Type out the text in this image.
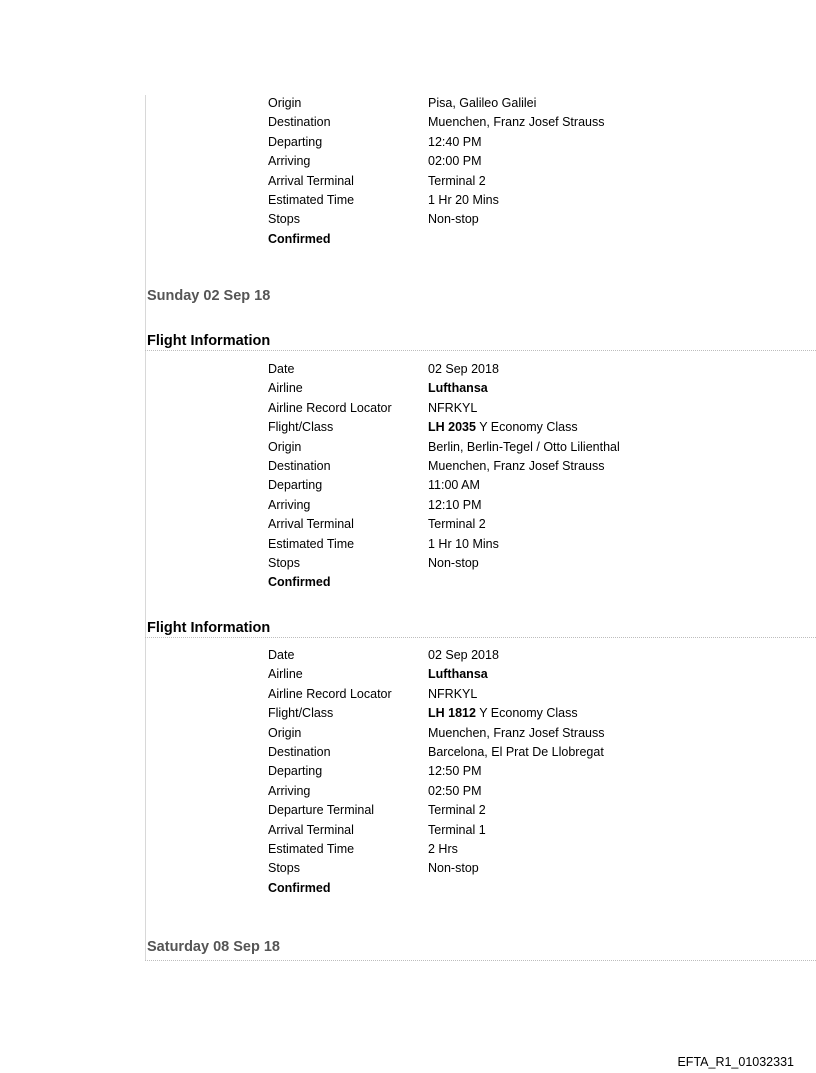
Origin	Pisa, Galileo Galilei
Destination	Muenchen, Franz Josef Strauss
Departing	12:40 PM
Arriving	02:00 PM
Arrival Terminal	Terminal 2
Estimated Time	1 Hr 20 Mins
Stops	Non-stop
Confirmed
Sunday 02 Sep 18
Flight Information
Date	02 Sep 2018
Airline	Lufthansa
Airline Record Locator	NFRKYL
Flight/Class	LH 2035 Y Economy Class
Origin	Berlin, Berlin-Tegel / Otto Lilienthal
Destination	Muenchen, Franz Josef Strauss
Departing	11:00 AM
Arriving	12:10 PM
Arrival Terminal	Terminal 2
Estimated Time	1 Hr 10 Mins
Stops	Non-stop
Confirmed
Flight Information
Date	02 Sep 2018
Airline	Lufthansa
Airline Record Locator	NFRKYL
Flight/Class	LH 1812 Y Economy Class
Origin	Muenchen, Franz Josef Strauss
Destination	Barcelona, El Prat De Llobregat
Departing	12:50 PM
Arriving	02:50 PM
Departure Terminal	Terminal 2
Arrival Terminal	Terminal 1
Estimated Time	2 Hrs
Stops	Non-stop
Confirmed
Saturday 08 Sep 18
EFTA_R1_01032331
